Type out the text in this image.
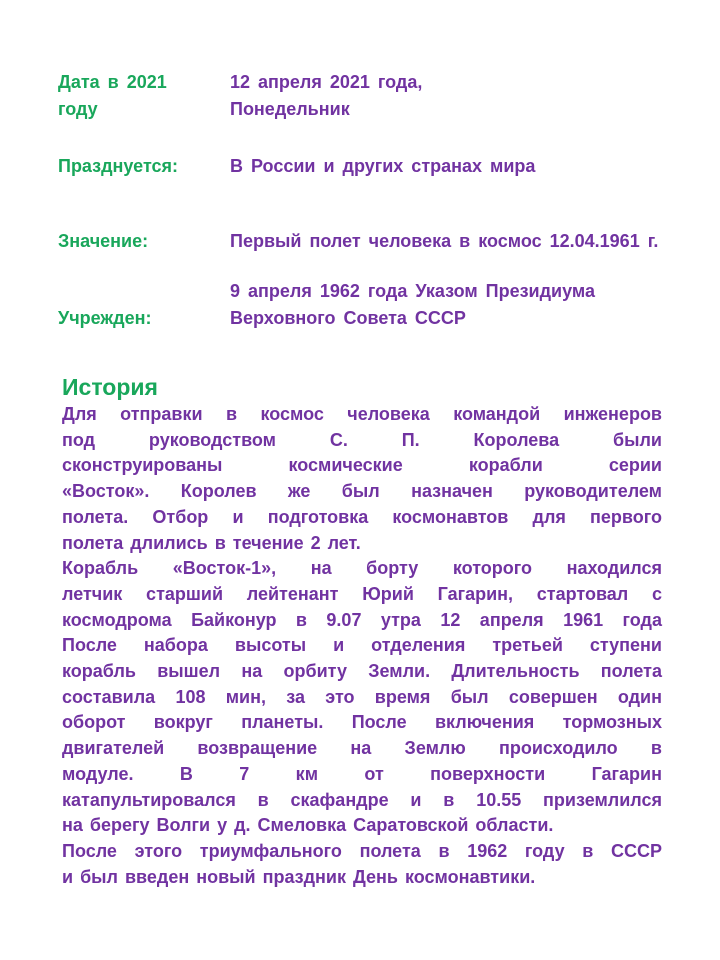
Дата в 2021
году
12 апреля 2021 года,
Понедельник
Празднуется:	В России и других странах мира
Значение:	Первый полет человека в космос 12.04.1961 г.
Учрежден:
9 апреля 1962 года Указом Президиума
Верховного Совета СССР
История
Для отправки в космос человека командой инженеров
под руководством С. П. Королева были
сконструированы космические корабли серии
«Восток». Королев же был назначен руководителем
полета. Отбор и подготовка космонавтов для первого
полета длились в течение 2 лет.
Корабль «Восток-1», на борту которого находился
летчик старший лейтенант Юрий Гагарин, стартовал с
космодрома Байконур в 9.07 утра 12 апреля 1961 года
После набора высоты и отделения третьей ступени
корабль вышел на орбиту Земли. Длительность полета
составила 108 мин, за это время был совершен один
оборот вокруг планеты. После включения тормозных
двигателей возвращение на Землю происходило в
модуле. В 7 км от поверхности Гагарин
катапультировался в скафандре и в 10.55 приземлился
на берегу Волги у д. Смеловка Саратовской области.
После этого триумфального полета в 1962 году в СССР
и был введен новый праздник День космонавтики.
